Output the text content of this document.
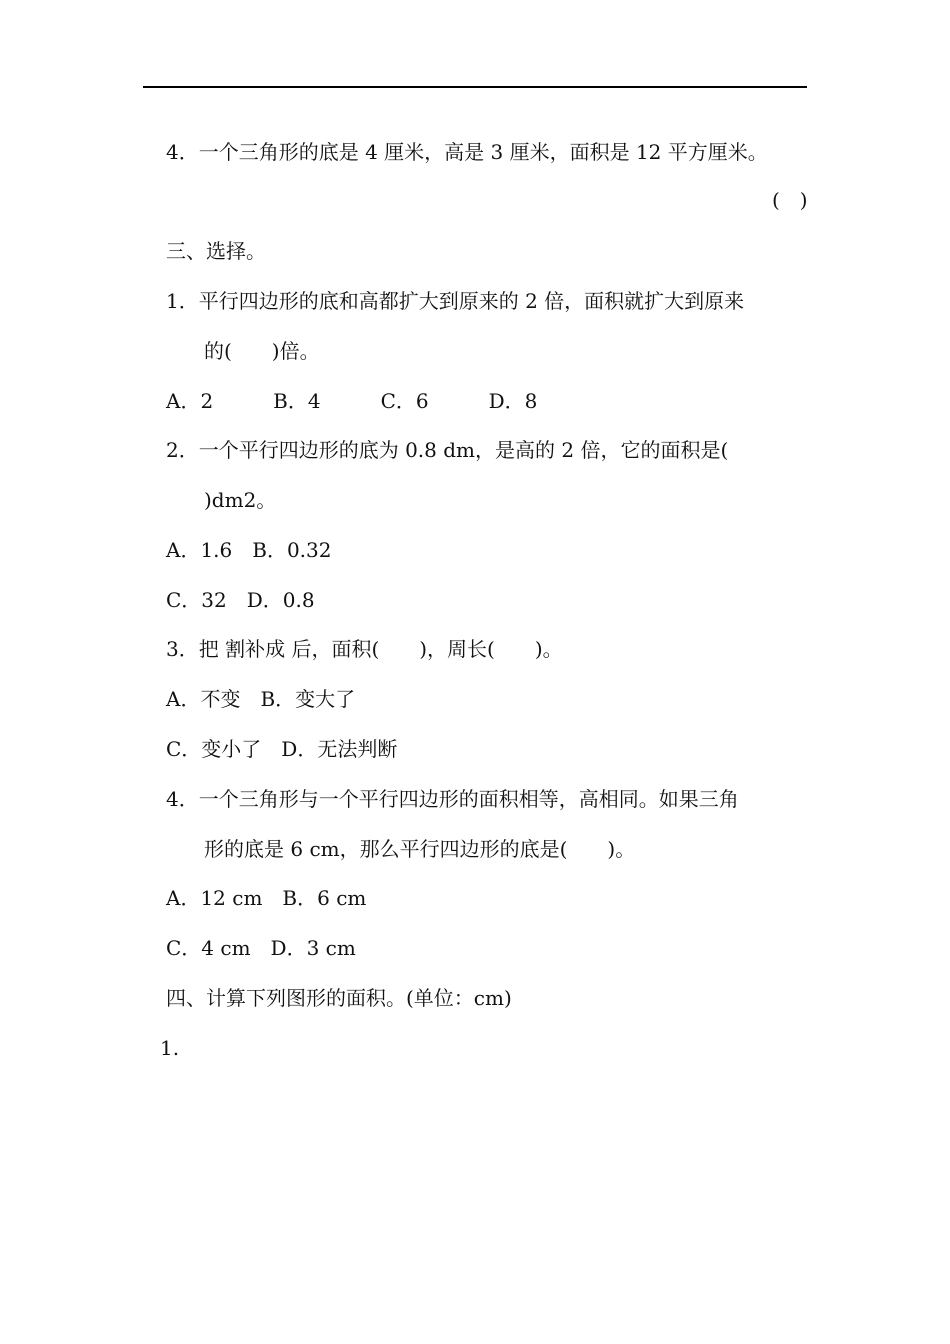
4．一个三角形的底是 4 厘米，高是 3 厘米，面积是 12 平方厘米。
(　)
三、选择。
1．平行四边形的底和高都扩大到原来的 2 倍，面积就扩大到原来
的(　　)倍。
A．2　　　B．4　　　C．6　　　D．8
2．一个平行四边形的底为 0.8 dm，是高的 2 倍，它的面积是(
)dm2。
A．1.6　B．0.32
C．32　D．0.8
3．把 割补成 后，面积(　　)，周长(　　)。
A．不变　B．变大了
C．变小了　D．无法判断
4．一个三角形与一个平行四边形的面积相等，高相同。如果三角
形的底是 6 cm，那么平行四边形的底是(　　)。
A．12 cm　B．6 cm
C．4 cm　D．3 cm
四、计算下列图形的面积。(单位：cm)
1.
